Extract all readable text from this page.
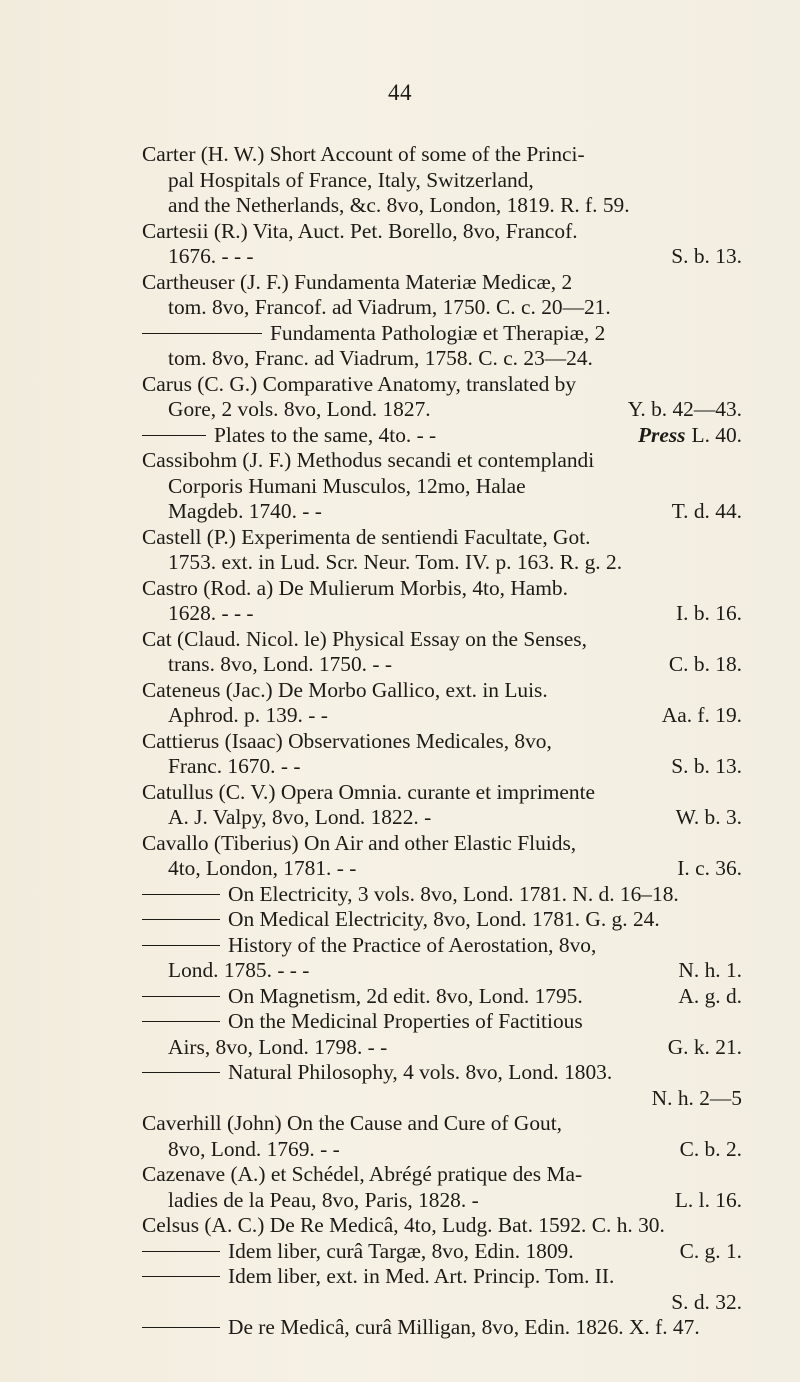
44
Carter (H. W.) Short Account of some of the Princi-
pal Hospitals of France, Italy, Switzerland,
and the Netherlands, &c. 8vo, London, 1819. R. f. 59.
Cartesii (R.) Vita, Auct. Pet. Borello, 8vo, Francof.
1676. - - -	S. b. 13.
Cartheuser (J. F.) Fundamenta Materiæ Medicæ, 2
tom. 8vo, Francof. ad Viadrum, 1750. C. c. 20—21.
Fundamenta Pathologiæ et Therapiæ, 2
tom. 8vo, Franc. ad Viadrum, 1758. C. c. 23—24.
Carus (C. G.) Comparative Anatomy, translated by
Gore, 2 vols. 8vo, Lond. 1827.	Y. b. 42—43.
Plates to the same, 4to. - -	Press L. 40.
Cassibohm (J. F.) Methodus secandi et contemplandi
Corporis Humani Musculos, 12mo, Halae
Magdeb. 1740. - -	T. d. 44.
Castell (P.) Experimenta de sentiendi Facultate, Got.
1753. ext. in Lud. Scr. Neur. Tom. IV. p. 163. R. g. 2.
Castro (Rod. a) De Mulierum Morbis, 4to, Hamb.
1628. - - -	I. b. 16.
Cat (Claud. Nicol. le) Physical Essay on the Senses,
trans. 8vo, Lond. 1750. - -	C. b. 18.
Cateneus (Jac.) De Morbo Gallico, ext. in Luis.
Aphrod. p. 139. - -	Aa. f. 19.
Cattierus (Isaac) Observationes Medicales, 8vo,
Franc. 1670. - -	S. b. 13.
Catullus (C. V.) Opera Omnia. curante et imprimente
A. J. Valpy, 8vo, Lond. 1822. -	W. b. 3.
Cavallo (Tiberius) On Air and other Elastic Fluids,
4to, London, 1781. - -	I. c. 36.
On Electricity, 3 vols. 8vo, Lond. 1781. N. d. 16–18.
On Medical Electricity, 8vo, Lond. 1781. G. g. 24.
History of the Practice of Aerostation, 8vo,
Lond. 1785. - - -	N. h. 1.
On Magnetism, 2d edit. 8vo, Lond. 1795.	A. g. d.
On the Medicinal Properties of Factitious
Airs, 8vo, Lond. 1798. - -	G. k. 21.
Natural Philosophy, 4 vols. 8vo, Lond. 1803.
N. h. 2—5
Caverhill (John) On the Cause and Cure of Gout,
8vo, Lond. 1769. - -	C. b. 2.
Cazenave (A.) et Schédel, Abrégé pratique des Ma-
ladies de la Peau, 8vo, Paris, 1828. -	L. l. 16.
Celsus (A. C.) De Re Medicâ, 4to, Ludg. Bat. 1592. C. h. 30.
Idem liber, curâ Targæ, 8vo, Edin. 1809.	C. g. 1.
Idem liber, ext. in Med. Art. Princip. Tom. II.
S. d. 32.
De re Medicâ, curâ Milligan, 8vo, Edin. 1826. X. f. 47.
